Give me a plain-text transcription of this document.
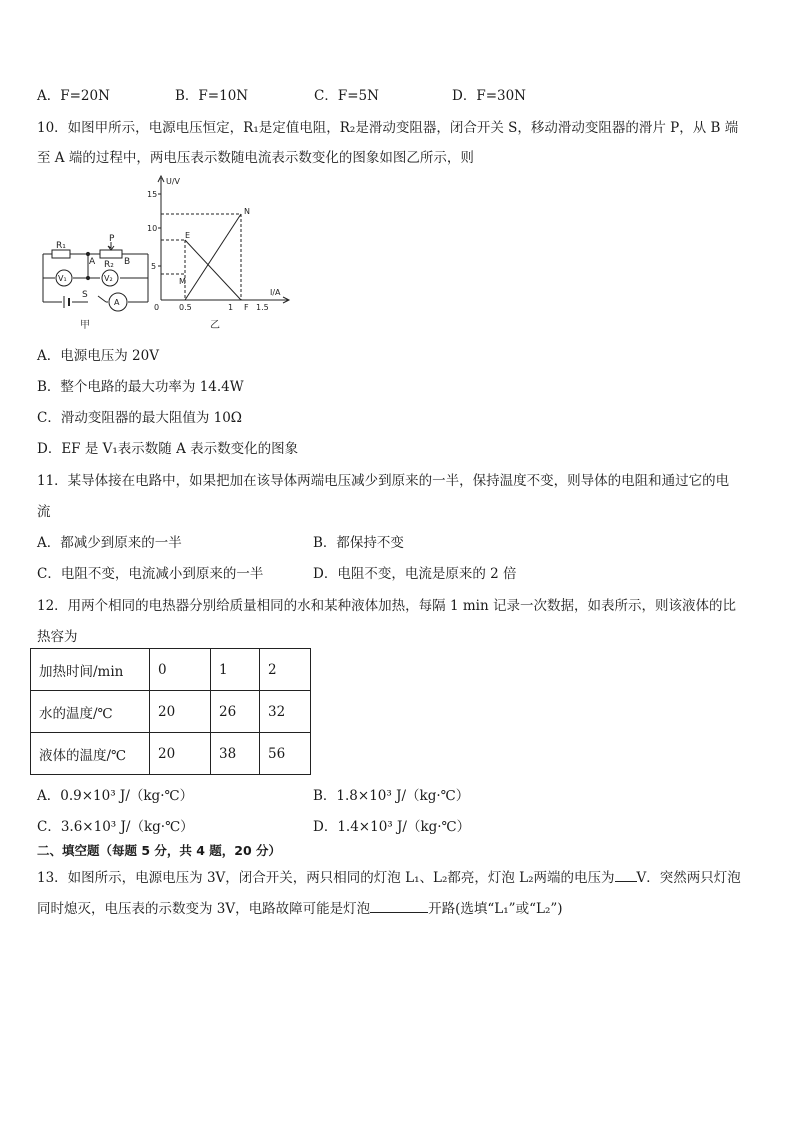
A．F=20N	B．F=10N	C．F=5N	D．F=30N
10．如图甲所示，电源电压恒定，R₁是定值电阻，R₂是滑动变阻器，闭合开关 S，移动滑动变阻器的滑片 P，从 B 端
至 A 端的过程中，两电压表示数随电流表示数变化的图象如图乙所示，则
R₁
R₂
P
A	B
S
V₁	V₂
A
甲
U/V
I/A
15
10
5
0 0.5	1	1.5
E
M
N
F
乙
A．电源电压为 20V
B．整个电路的最大功率为 14.4W
C．滑动变阻器的最大阻值为 10Ω
D．EF 是 V₁表示数随 A 表示数变化的图象
11．某导体接在电路中，如果把加在该导体两端电压减少到原来的一半，保持温度不变，则导体的电阻和通过它的电
流
A．都减少到原来的一半	B．都保持不变
C．电阻不变，电流减小到原来的一半	D．电阻不变，电流是原来的 2 倍
12．用两个相同的电热器分别给质量相同的水和某种液体加热，每隔 1 min 记录一次数据，如表所示，则该液体的比
热容为
加热时间/min	0	1	2
水的温度/℃	20	26	32
液体的温度/℃	20	38	56
A．0.9×10³ J/（kg·℃）	B．1.8×10³ J/（kg·℃）
C．3.6×10³ J/（kg·℃）	D．1.4×10³ J/（kg·℃）
二、填空题（每题 5 分，共 4 题，20 分）
13．如图所示，电源电压为 3V，闭合开关，两只相同的灯泡 L₁、L₂都亮，灯泡 L₂两端的电压为 V．突然两只灯泡
同时熄灭，电压表的示数变为 3V，电路故障可能是灯泡	开路(选填“L₁”或“L₂”)
